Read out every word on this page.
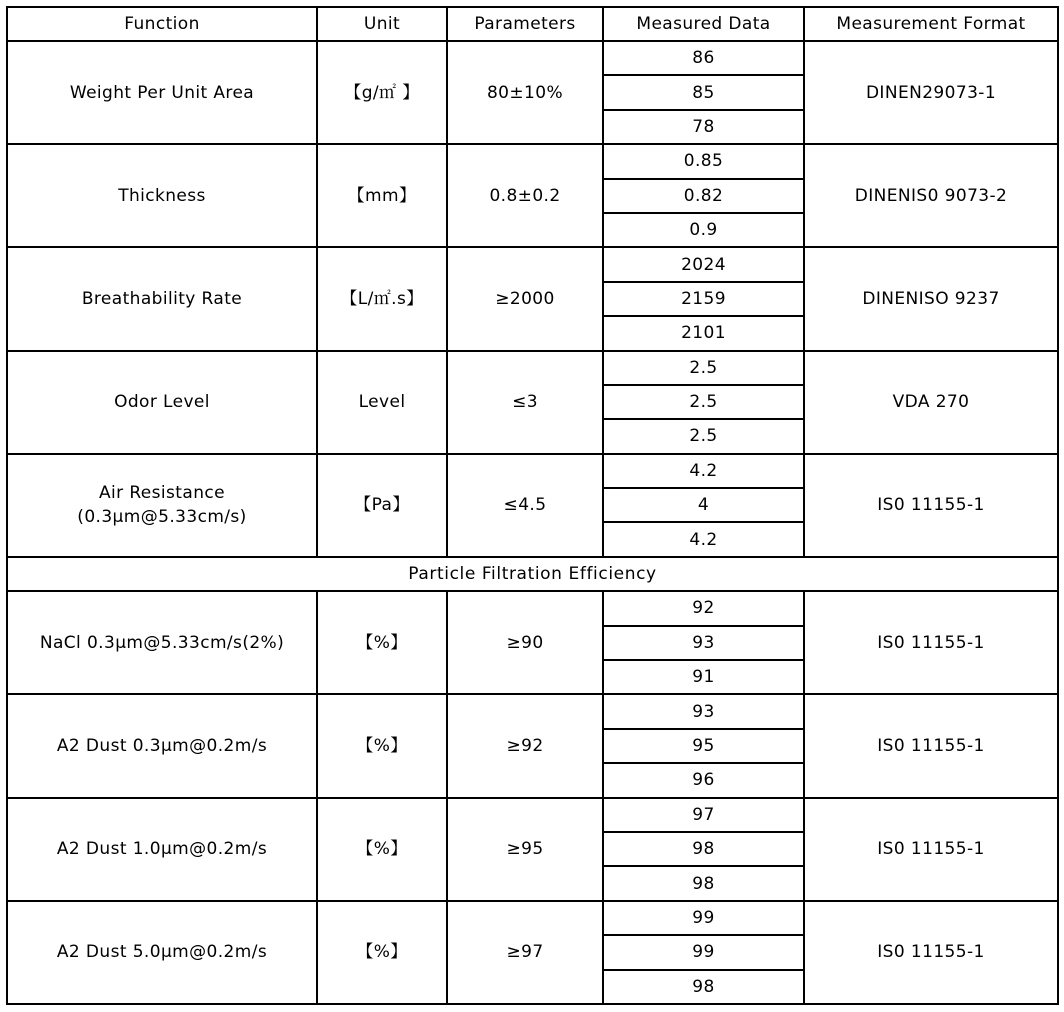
Function	Unit	Parameters	Measured Data	Measurement Format
Weight Per Unit Area	【g/㎡ 】	80±10%	86	DINEN29073-1
			85	
			78	
Thickness	【mm】	0.8±0.2	0.85	DINENIS0 9073-2
			0.82	
			0.9	
Breathability Rate	【L/㎡.s】	≥2000	2024	DINENISO 9237
			2159	
			2101	
Odor Level	Level	≤3	2.5	VDA 270
			2.5	
			2.5	

Air Resistance
(0.3μm@5.33cm/s)	【Pa】	≤4.5	4.2	IS0 11155-1
			4	
			4.2	
Particle Filtration Efficiency				
NaCl 0.3μm@5.33cm/s(2%)	【%】	≥90	92	IS0 11155-1
			93	
			91	
A2 Dust 0.3μm@0.2m/s	【%】	≥92	93	IS0 11155-1
			95	
			96	
A2 Dust 1.0μm@0.2m/s	【%】	≥95	97	IS0 11155-1
			98	
			98	
A2 Dust 5.0μm@0.2m/s	【%】	≥97	99	IS0 11155-1
			99	
			98	
